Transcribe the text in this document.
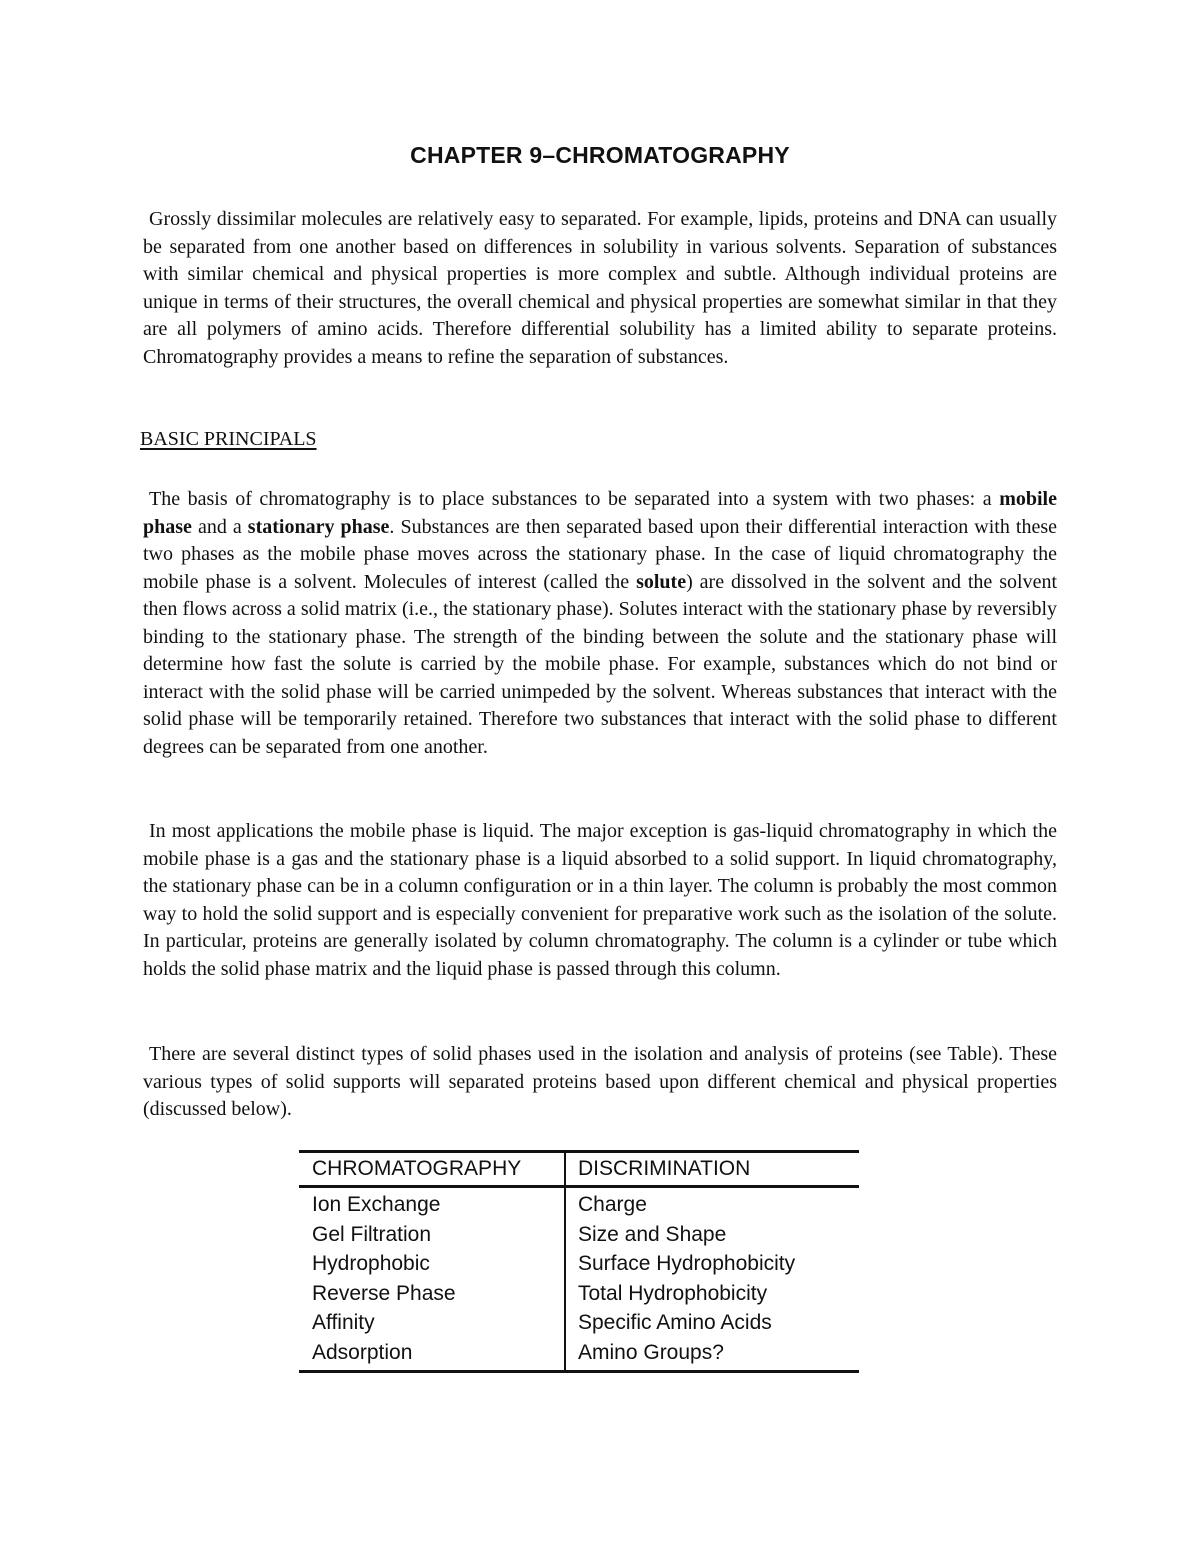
CHAPTER 9–CHROMATOGRAPHY

Grossly dissimilar molecules are relatively easy to separated. For example, lipids, proteins and DNA can usually be separated from one another based on differences in solubility in various solvents. Separation of substances with similar chemical and physical properties is more complex and subtle. Although individual proteins are unique in terms of their structures, the overall chemical and physical properties are somewhat similar in that they are all polymers of amino acids. Therefore differential solubility has a limited ability to separate proteins. Chromatography provides a means to refine the separation of substances.

BASIC PRINCIPALS

The basis of chromatography is to place substances to be separated into a system with two phases: a mobile phase and a stationary phase. Substances are then separated based upon their differential interaction with these two phases as the mobile phase moves across the stationary phase. In the case of liquid chromatography the mobile phase is a solvent. Molecules of interest (called the solute) are dissolved in the solvent and the solvent then flows across a solid matrix (i.e., the stationary phase). Solutes interact with the stationary phase by reversibly binding to the stationary phase. The strength of the binding between the solute and the stationary phase will determine how fast the solute is carried by the mobile phase. For example, substances which do not bind or interact with the solid phase will be carried unimpeded by the solvent. Whereas substances that interact with the solid phase will be temporarily retained. Therefore two substances that interact with the solid phase to different degrees can be separated from one another.

In most applications the mobile phase is liquid. The major exception is gas-liquid chromatography in which the mobile phase is a gas and the stationary phase is a liquid absorbed to a solid support. In liquid chromatography, the stationary phase can be in a column configuration or in a thin layer. The column is probably the most common way to hold the solid support and is especially convenient for preparative work such as the isolation of the solute. In particular, proteins are generally isolated by column chromatography. The column is a cylinder or tube which holds the solid phase matrix and the liquid phase is passed through this column.

There are several distinct types of solid phases used in the isolation and analysis of proteins (see Table). These various types of solid supports will separated proteins based upon different chemical and physical properties (discussed below).

CHROMATOGRAPHY	DISCRIMINATION
Ion Exchange
Gel Filtration
Hydrophobic
Reverse Phase
Affinity
Adsorption
Charge
Size and Shape
Surface Hydrophobicity
Total Hydrophobicity
Specific Amino Acids
Amino Groups?
